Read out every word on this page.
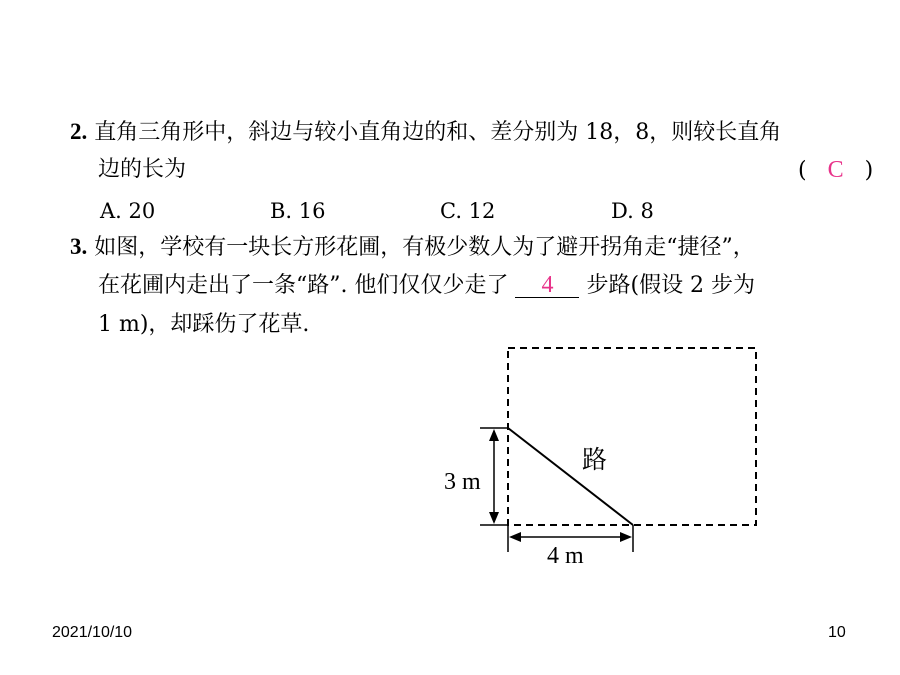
2. 直角三角形中，斜边与较小直角边的和、差分别为 18，8，则较长直角
边的长为	( C )
A. 20	B. 16	C. 12	D. 8
3. 如图，学校有一块长方形花圃，有极少数人为了避开拐角走“捷径”，
在花圃内走出了一条“路”. 他们仅仅少走了 4 步路(假设 2 步为
1 m)，却踩伤了花草.
路
3 m
4 m
2021/10/10	10
